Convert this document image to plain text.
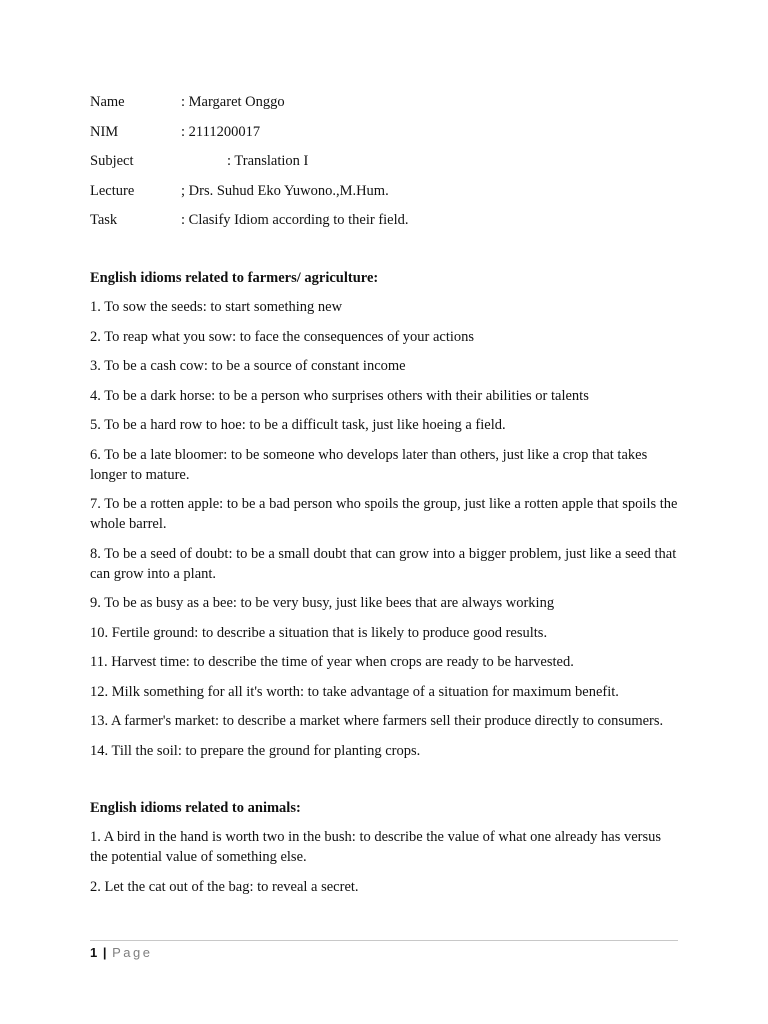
Name	: Margaret Onggo
NIM	: 2111200017
Subject	: Translation I
Lecture	; Drs. Suhud Eko Yuwono.,M.Hum.
Task	: Clasify Idiom according to their field.
English idioms related to farmers/ agriculture:
1. To sow the seeds: to start something new
2. To reap what you sow: to face the consequences of your actions
3. To be a cash cow: to be a source of constant income
4. To be a dark horse: to be a person who surprises others with their abilities or talents
5. To be a hard row to hoe: to be a difficult task, just like hoeing a field.
6. To be a late bloomer: to be someone who develops later than others, just like a crop that takes longer to mature.
7. To be a rotten apple: to be a bad person who spoils the group, just like a rotten apple that spoils the whole barrel.
8. To be a seed of doubt: to be a small doubt that can grow into a bigger problem, just like a seed that can grow into a plant.
9. To be as busy as a bee: to be very busy, just like bees that are always working
10. Fertile ground: to describe a situation that is likely to produce good results.
11. Harvest time: to describe the time of year when crops are ready to be harvested.
12. Milk something for all it's worth: to take advantage of a situation for maximum benefit.
13. A farmer's market: to describe a market where farmers sell their produce directly to consumers.
14. Till the soil: to prepare the ground for planting crops.
English idioms related to animals:
1. A bird in the hand is worth two in the bush: to describe the value of what one already has versus the potential value of something else.
2. Let the cat out of the bag: to reveal a secret.
1 | Page
